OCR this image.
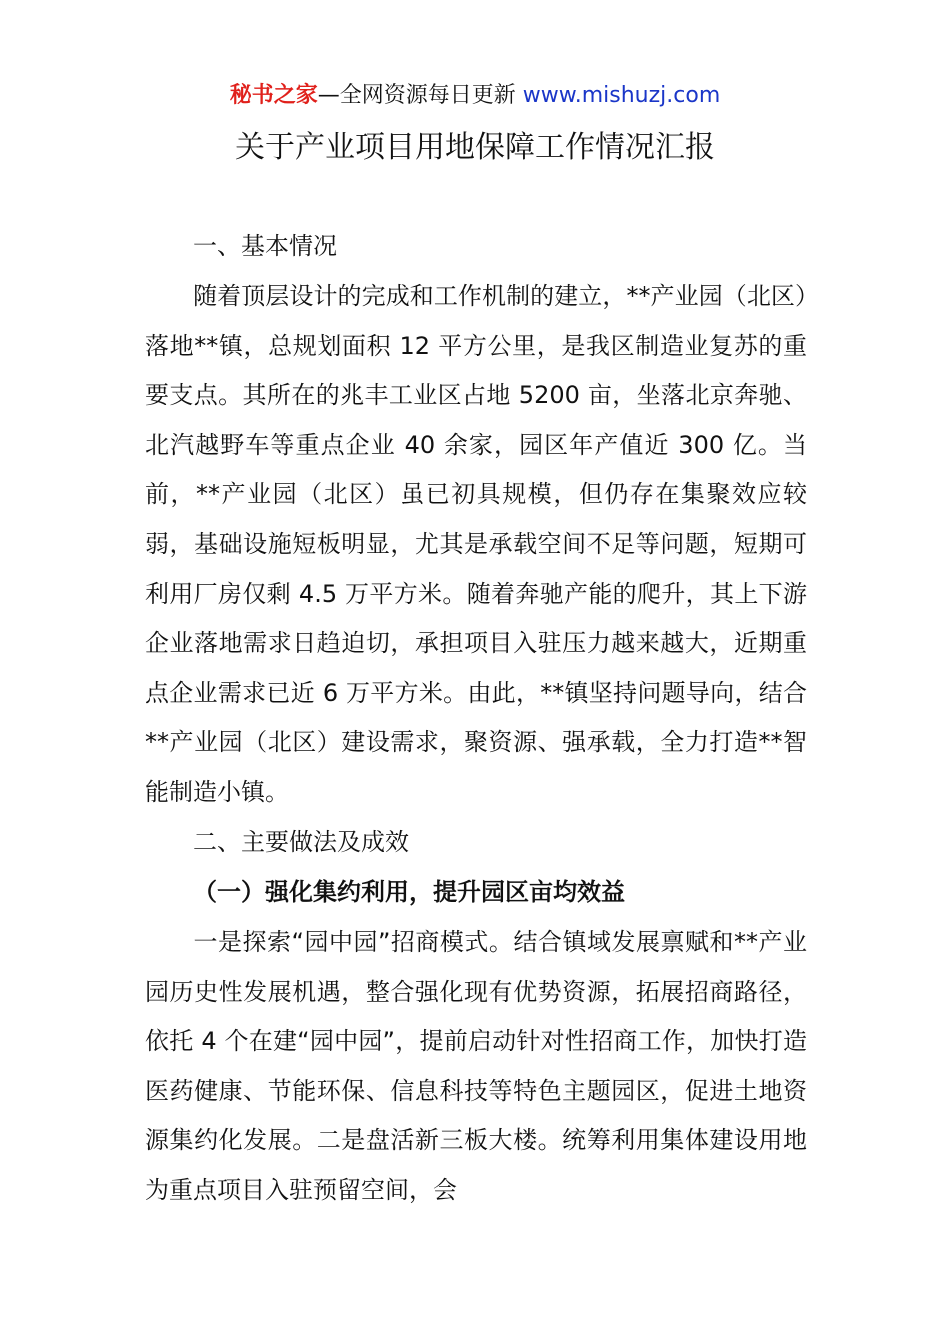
秘书之家—全网资源每日更新 www.mishuzj.com
关于产业项目用地保障工作情况汇报
一、基本情况
随着顶层设计的完成和工作机制的建立，**产业园（北区）落地**镇，总规划面积 12 平方公里，是我区制造业复苏的重要支点。其所在的兆丰工业区占地 5200 亩，坐落北京奔驰、北汽越野车等重点企业 40 余家，园区年产值近 300 亿。当前，**产业园（北区）虽已初具规模，但仍存在集聚效应较弱，基础设施短板明显，尤其是承载空间不足等问题，短期可利用厂房仅剩 4.5 万平方米。随着奔驰产能的爬升，其上下游企业落地需求日趋迫切，承担项目入驻压力越来越大，近期重点企业需求已近 6 万平方米。由此，**镇坚持问题导向，结合**产业园（北区）建设需求，聚资源、强承载，全力打造**智能制造小镇。
二、主要做法及成效
（一）强化集约利用，提升园区亩均效益
一是探索“园中园”招商模式。结合镇域发展禀赋和**产业园历史性发展机遇，整合强化现有优势资源，拓展招商路径，依托 4 个在建“园中园”，提前启动针对性招商工作，加快打造医药健康、节能环保、信息科技等特色主题园区，促进土地资源集约化发展。二是盘活新三板大楼。统筹利用集体建设用地为重点项目入驻预留空间，会
